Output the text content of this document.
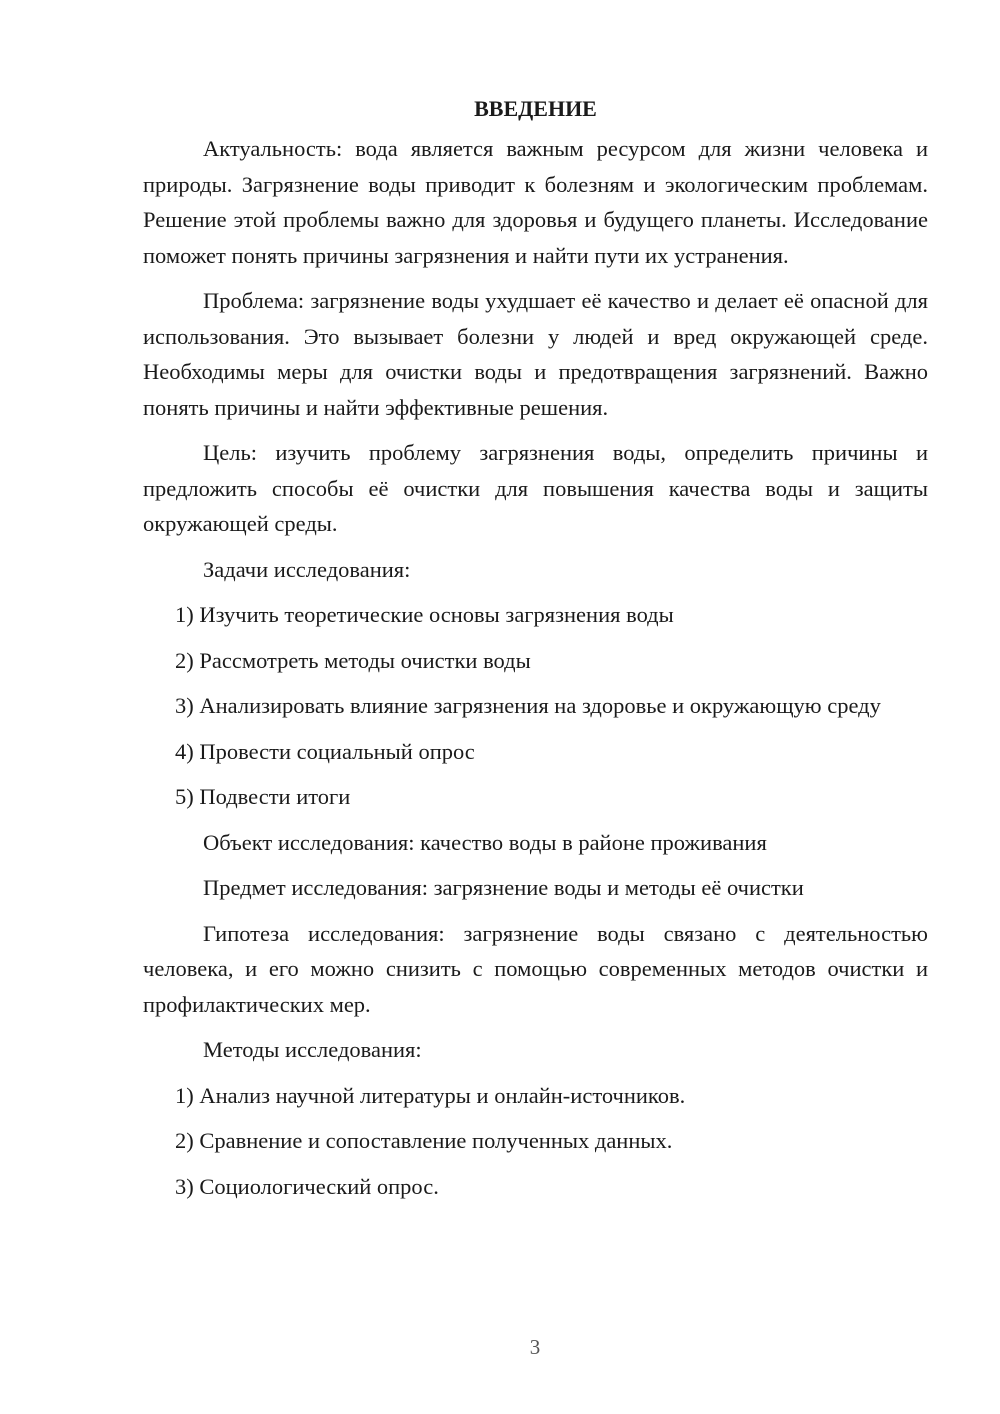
ВВЕДЕНИЕ

Актуальность: вода является важным ресурсом для жизни человека и природы. Загрязнение воды приводит к болезням и экологическим проблемам. Решение этой проблемы важно для здоровья и будущего планеты. Исследование поможет понять причины загрязнения и найти пути их устранения.

Проблема: загрязнение воды ухудшает её качество и делает её опасной для использования. Это вызывает болезни у людей и вред окружающей среде. Необходимы меры для очистки воды и предотвращения загрязнений. Важно понять причины и найти эффективные решения.

Цель: изучить проблему загрязнения воды, определить причины и предложить способы её очистки для повышения качества воды и защиты окружающей среды.

Задачи исследования:

1) Изучить теоретические основы загрязнения воды

2) Рассмотреть методы очистки воды

3) Анализировать влияние загрязнения на здоровье и окружающую среду

4) Провести социальный опрос

5) Подвести итоги

Объект исследования: качество воды в районе проживания

Предмет исследования: загрязнение воды и методы её очистки

Гипотеза исследования: загрязнение воды связано с деятельностью человека, и его можно снизить с помощью современных методов очистки и профилактических мер.

Методы исследования:

1) Анализ научной литературы и онлайн-источников.

2) Сравнение и сопоставление полученных данных.

3) Социологический опрос.

3
